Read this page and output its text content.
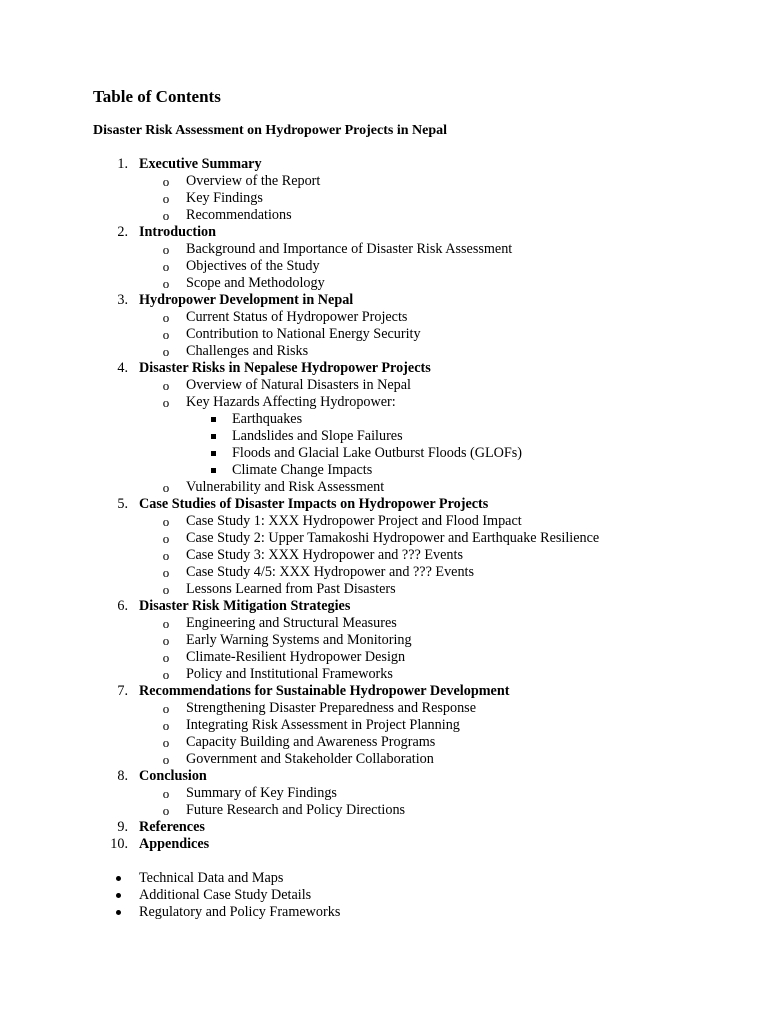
Table of Contents
Disaster Risk Assessment on Hydropower Projects in Nepal
1. Executive Summary
o Overview of the Report
o Key Findings
o Recommendations
2. Introduction
o Background and Importance of Disaster Risk Assessment
o Objectives of the Study
o Scope and Methodology
3. Hydropower Development in Nepal
o Current Status of Hydropower Projects
o Contribution to National Energy Security
o Challenges and Risks
4. Disaster Risks in Nepalese Hydropower Projects
o Overview of Natural Disasters in Nepal
o Key Hazards Affecting Hydropower:
Earthquakes
Landslides and Slope Failures
Floods and Glacial Lake Outburst Floods (GLOFs)
Climate Change Impacts
o Vulnerability and Risk Assessment
5. Case Studies of Disaster Impacts on Hydropower Projects
o Case Study 1: XXX Hydropower Project and Flood Impact
o Case Study 2: Upper Tamakoshi Hydropower and Earthquake Resilience
o Case Study 3: XXX Hydropower and ??? Events
o Case Study 4/5: XXX Hydropower and ??? Events
o Lessons Learned from Past Disasters
6. Disaster Risk Mitigation Strategies
o Engineering and Structural Measures
o Early Warning Systems and Monitoring
o Climate-Resilient Hydropower Design
o Policy and Institutional Frameworks
7. Recommendations for Sustainable Hydropower Development
o Strengthening Disaster Preparedness and Response
o Integrating Risk Assessment in Project Planning
o Capacity Building and Awareness Programs
o Government and Stakeholder Collaboration
8. Conclusion
o Summary of Key Findings
o Future Research and Policy Directions
9. References
10. Appendices
Technical Data and Maps
Additional Case Study Details
Regulatory and Policy Frameworks
